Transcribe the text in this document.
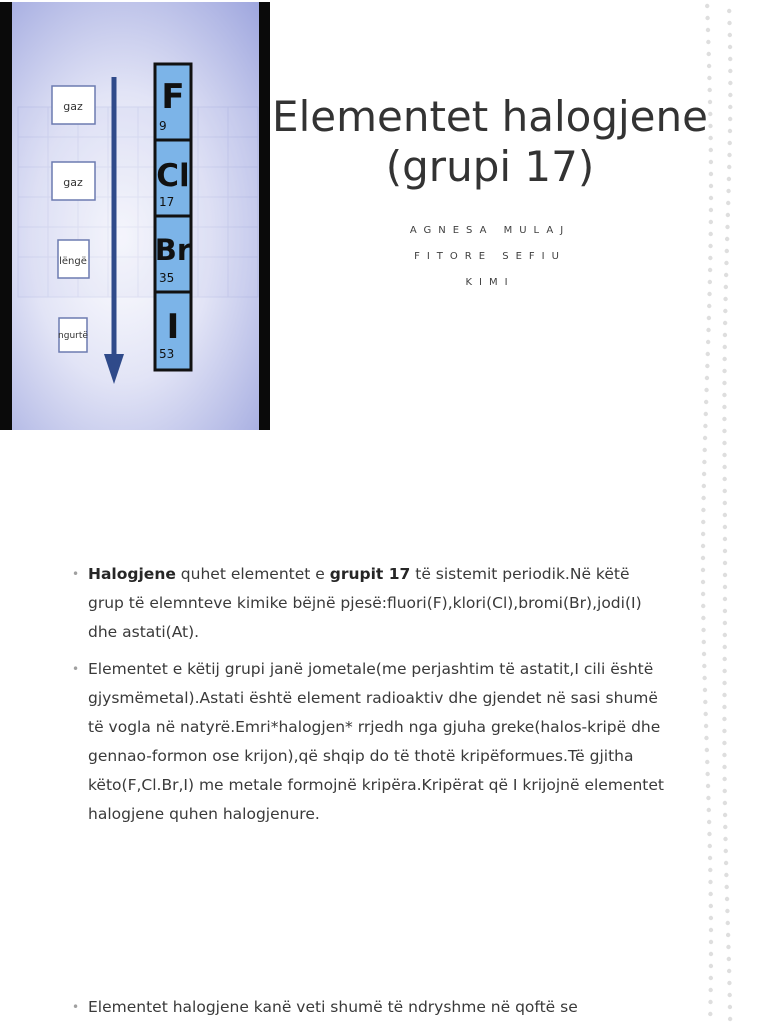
gaz
gaz
lëngë
ngurtë
F
9
Cl
17
Br
35
I
53
Elementet halogjene (grupi 17)
AGNESA MULAJ
FITORE SEFIU
KIMI
• Halogjene quhet elementet e grupit 17 të sistemit periodik.Në këtë grup të elemnteve kimike bëjnë pjesë:fluori(F),klori(Cl),bromi(Br),jodi(I) dhe astati(At).
• Elementet e këtij grupi janë jometale(me perjashtim të astatit,I cili është gjysmëmetal).Astati është element radioaktiv dhe gjendet në sasi shumë të vogla në natyrë.Emri*halogjen* rrjedh nga gjuha greke(halos-kripë dhe gennao-formon ose krijon),që shqip do të thotë kripëformues.Të gjitha këto(F,Cl.Br,I) me metale formojnë kripëra.Kripërat që I krijojnë elementet halogjene quhen halogjenure.
• Elementet halogjene kanë veti shumë të ndryshme në qoftë se
